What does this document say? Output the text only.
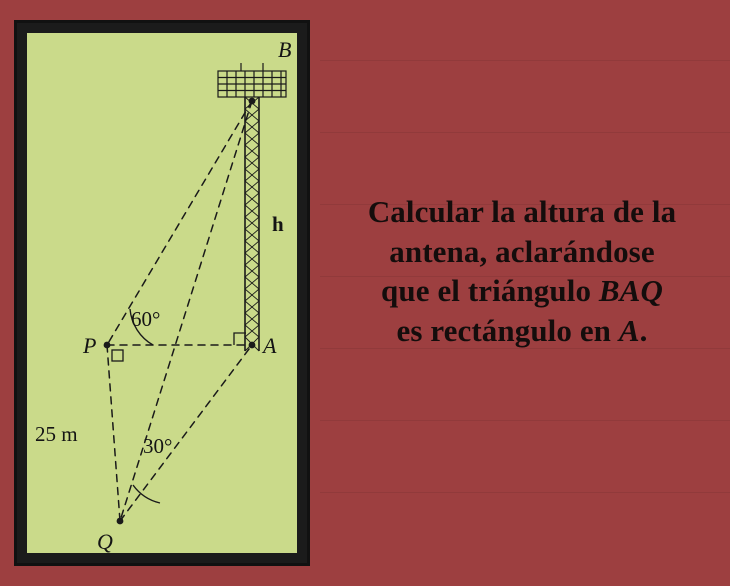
B
A
P
Q
h
60°
30°
25 m
Calcular la altura de la
antena, aclarándose
que el triángulo BAQ
es rectángulo en A.
